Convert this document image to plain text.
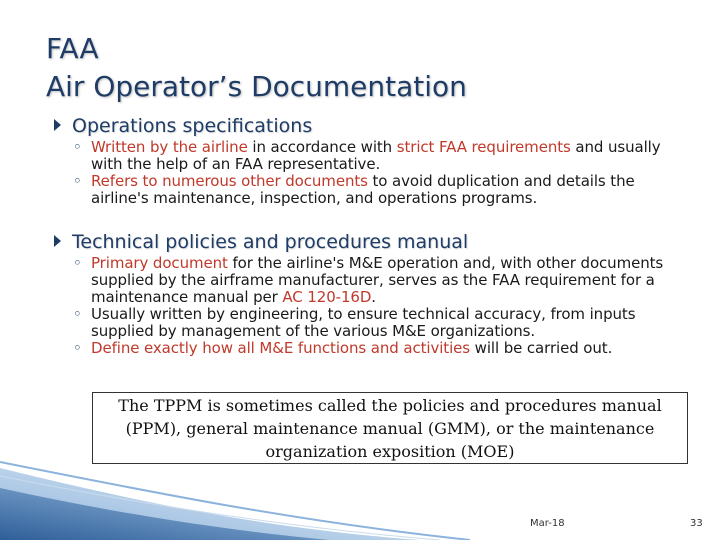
FAA
Air Operator’s Documentation
Operations specifications
◦ Written by the airline in accordance with strict FAA requirements and usually with the help of an FAA representative.
◦ Refers to numerous other documents to avoid duplication and details the airline's maintenance, inspection, and operations programs.
Technical policies and procedures manual
◦ Primary document for the airline's M&E operation and, with other documents supplied by the airframe manufacturer, serves as the FAA requirement for a maintenance manual per AC 120-16D.
◦ Usually written by engineering, to ensure technical accuracy, from inputs supplied by management of the various M&E organizations.
◦ Define exactly how all M&E functions and activities will be carried out.
The TPPM is sometimes called the policies and procedures manual (PPM), general maintenance manual (GMM), or the maintenance organization exposition (MOE)
Mar-18	33
